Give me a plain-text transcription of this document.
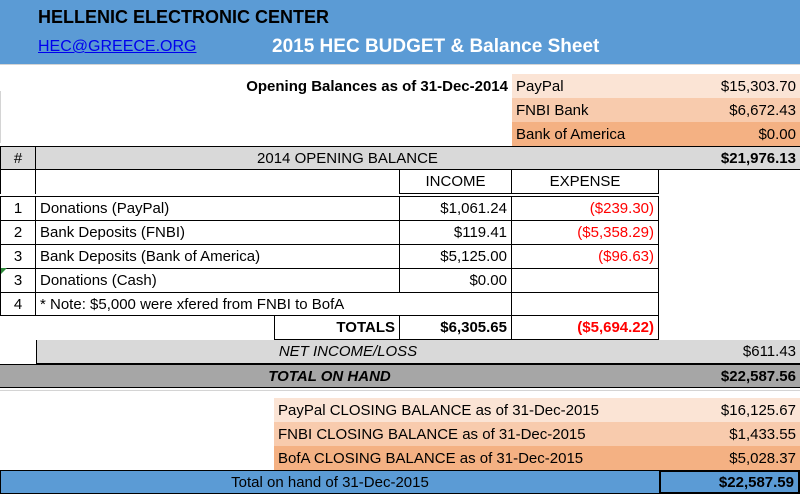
HELLENIC ELECTRONIC CENTER
HEC@GREECE.ORG	2015 HEC BUDGET & Balance Sheet
Opening Balances as of 31-Dec-2014 PayPal	$15,303.70
FNBI Bank	$6,672.43
Bank of America	$0.00
#	2014 OPENING BALANCE	$21,976.13
INCOME	EXPENSE
1	Donations (PayPal)	$1,061.24	($239.30)
2	Bank Deposits (FNBI)	$119.41	($5,358.29)
3	Bank Deposits (Bank of America)	$5,125.00	($96.63)
3	Donations (Cash)	$0.00
4	* Note: $5,000 were xfered from FNBI to BofA
TOTALS	$6,305.65	($5,694.22)
NET INCOME/LOSS	$611.43
TOTAL ON HAND	$22,587.56
PayPal CLOSING BALANCE as of 31-Dec-2015	$16,125.67
FNBI CLOSING BALANCE as of 31-Dec-2015	$1,433.55
BofA CLOSING BALANCE as of 31-Dec-2015	$5,028.37
Total on hand of 31-Dec-2015	$22,587.59
